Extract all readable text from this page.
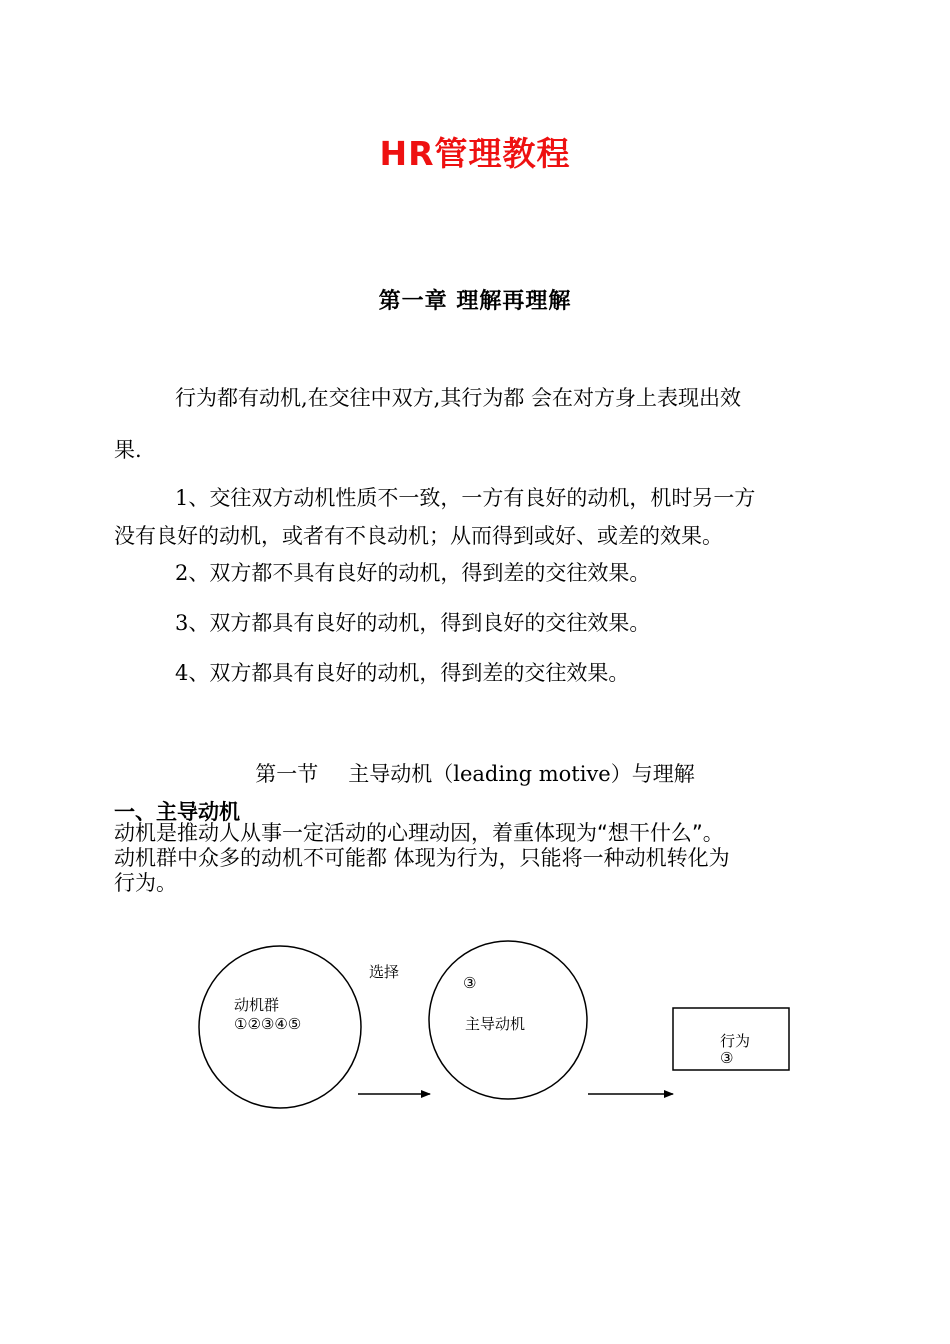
HR管理教程
第一章 理解再理解
行为都有动机,在交往中双方,其行为都 会在对方身上表现出效
果.
1、交往双方动机性质不一致，一方有良好的动机，机时另一方
没有良好的动机，或者有不良动机；从而得到或好、或差的效果。
2、双方都不具有良好的动机，得到差的交往效果。
3、双方都具有良好的动机，得到良好的交往效果。
4、双方都具有良好的动机，得到差的交往效果。
第一节 主导动机（leading motive）与理解
一、主导动机
动机是推动人从事一定活动的心理动因，着重体现为“想干什么”。
动机群中众多的动机不可能都 体现为行为，只能将一种动机转化为
行为。
动机群
①②③④⑤
选择
③
主导动机
行为
③
